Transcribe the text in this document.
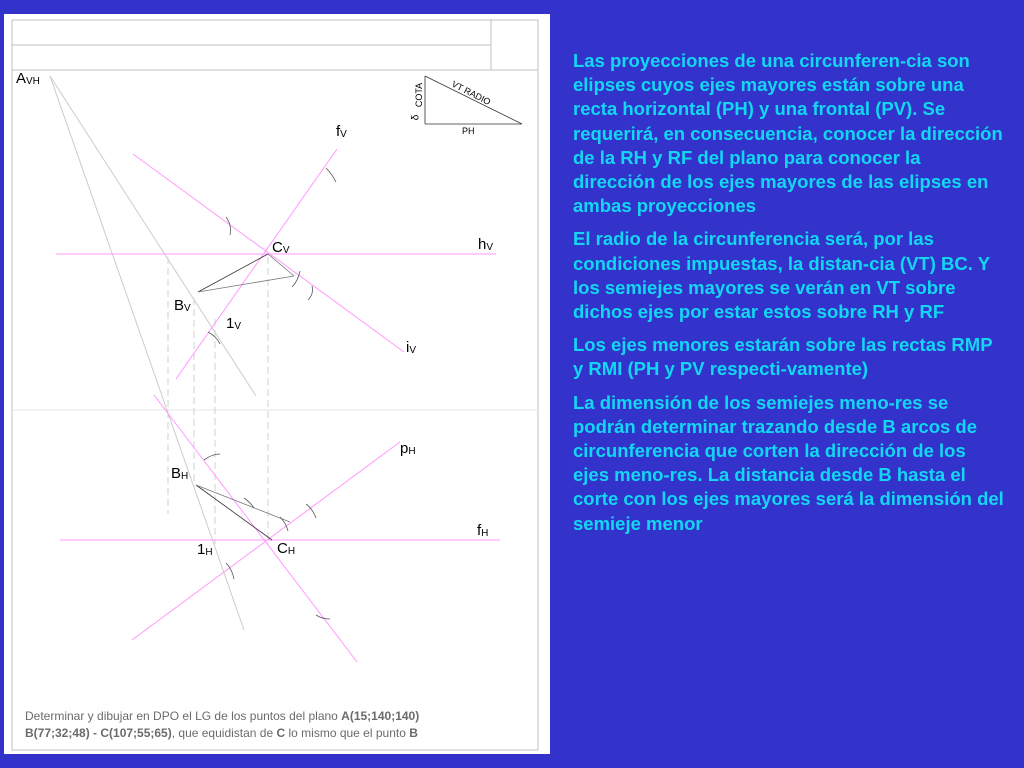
$A_{VH}$
$f_V$
$C_V$	$h_V$
$B_V$
$1_V$
$i_V$
$p_H$
$B_H$
$f_H$
$1_H$	$C_H$
COTA
δ
VT RADIO
PH
Determinar y dibujar en DPO el LG de los puntos del plano A(15;140;140)
B(77;32;48) - C(107;55;65), que equidistan de C lo mismo que el punto B

Las proyecciones de una circunferen-cia son elipses cuyos ejes mayores están sobre una recta horizontal (PH) y una frontal (PV). Se requerirá, en consecuencia, conocer la dirección de la RH y RF del plano para conocer la dirección de los ejes mayores de las elipses en ambas proyecciones

El radio de la circunferencia será, por las condiciones impuestas, la distan-cia (VT) BC. Y los semiejes mayores se verán en VT sobre dichos ejes por estar estos sobre RH y RF

Los ejes menores estarán sobre las rectas RMP y RMI (PH y PV respecti-vamente)

La dimensión de los semiejes meno-res se podrán determinar trazando desde B arcos de circunferencia que corten la dirección de los ejes meno-res. La distancia desde B hasta el corte con los ejes mayores será la dimensión del semieje menor
